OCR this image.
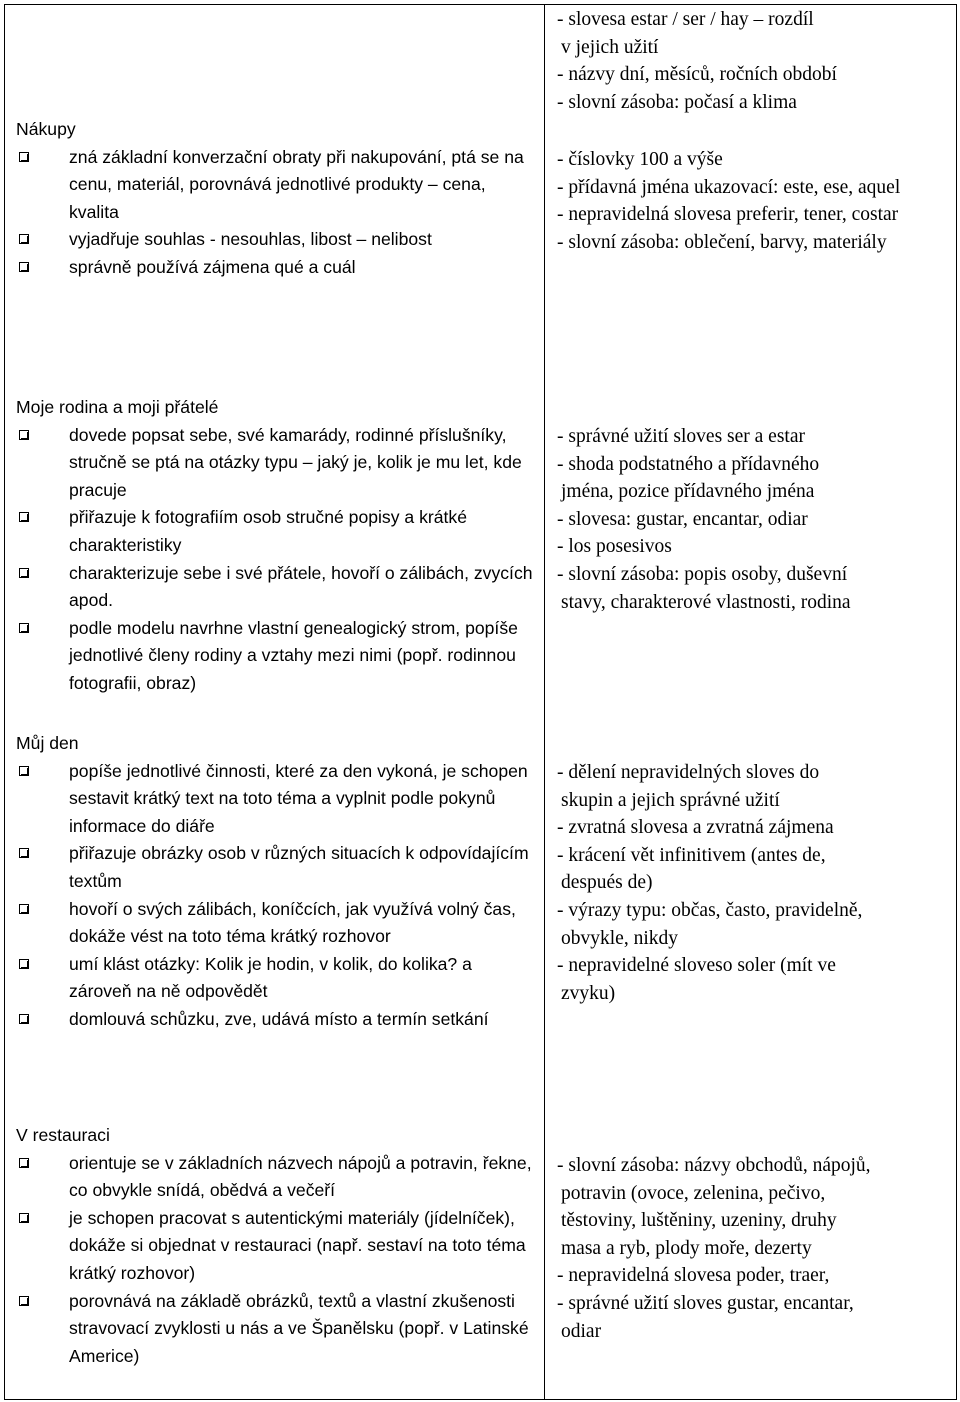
- slovesa estar / ser / hay – rozdíl

v jejich užití

- názvy dní, měsíců, ročních období

- slovní zásoba: počasí a klima

Nákupy

zná základní konverzační obraty při nakupování, ptá se na cenu, materiál, porovnává jednotlivé produkty – cena, kvalita
vyjadřuje souhlas - nesouhlas, libost – nelibost
správně používá zájmena qué a cuál

- číslovky 100 a výše

- přídavná jména ukazovací: este, ese, aquel

- nepravidelná slovesa preferir, tener, costar

- slovní zásoba: oblečení, barvy, materiály

Moje rodina a moji přátelé

dovede popsat sebe, své kamarády, rodinné příslušníky, stručně se ptá na otázky typu – jaký je, kolik je mu let, kde pracuje
přiřazuje k fotografiím osob stručné popisy a krátké charakteristiky
charakterizuje sebe i své přátele, hovoří o zálibách, zvycích apod.
podle modelu navrhne vlastní genealogický strom, popíše jednotlivé členy rodiny a vztahy mezi nimi (popř. rodinnou fotografii, obraz)

- správné užití sloves ser a estar

- shoda podstatného a přídavného

jména, pozice přídavného jména

- slovesa: gustar, encantar, odiar

- los posesivos

- slovní zásoba: popis osoby, duševní

stavy, charakterové vlastnosti, rodina

Můj den

popíše jednotlivé činnosti, které za den vykoná, je schopen sestavit krátký text na toto téma a vyplnit podle pokynů informace do diáře
přiřazuje obrázky osob v různých situacích k odpovídajícím textům
hovoří o svých zálibách, koníčcích, jak využívá volný čas, dokáže vést na toto téma krátký rozhovor
umí klást otázky: Kolik je hodin, v kolik, do kolika? a zároveň na ně odpovědět
domlouvá schůzku, zve, udává místo a termín setkání

- dělení nepravidelných sloves do

skupin a jejich správné užití

- zvratná slovesa a zvratná zájmena

- krácení vět infinitivem (antes de,

después de)

- výrazy typu: občas, často, pravidelně,

obvykle, nikdy

- nepravidelné sloveso soler (mít ve

zvyku)

V restauraci

orientuje se v základních názvech nápojů a potravin, řekne, co obvykle snídá, obědvá a večeří
je schopen pracovat s autentickými materiály (jídelníček), dokáže si objednat v restauraci (např. sestaví na toto téma krátký rozhovor)
porovnává na základě obrázků, textů a vlastní zkušenosti stravovací zvyklosti u nás a ve Španělsku (popř. v Latinské Americe)

- slovní zásoba: názvy obchodů, nápojů,

potravin (ovoce, zelenina, pečivo,

těstoviny, luštěniny, uzeniny, druhy

masa a ryb, plody moře, dezerty

- nepravidelná slovesa poder, traer,

- správné užití sloves gustar, encantar,

odiar
